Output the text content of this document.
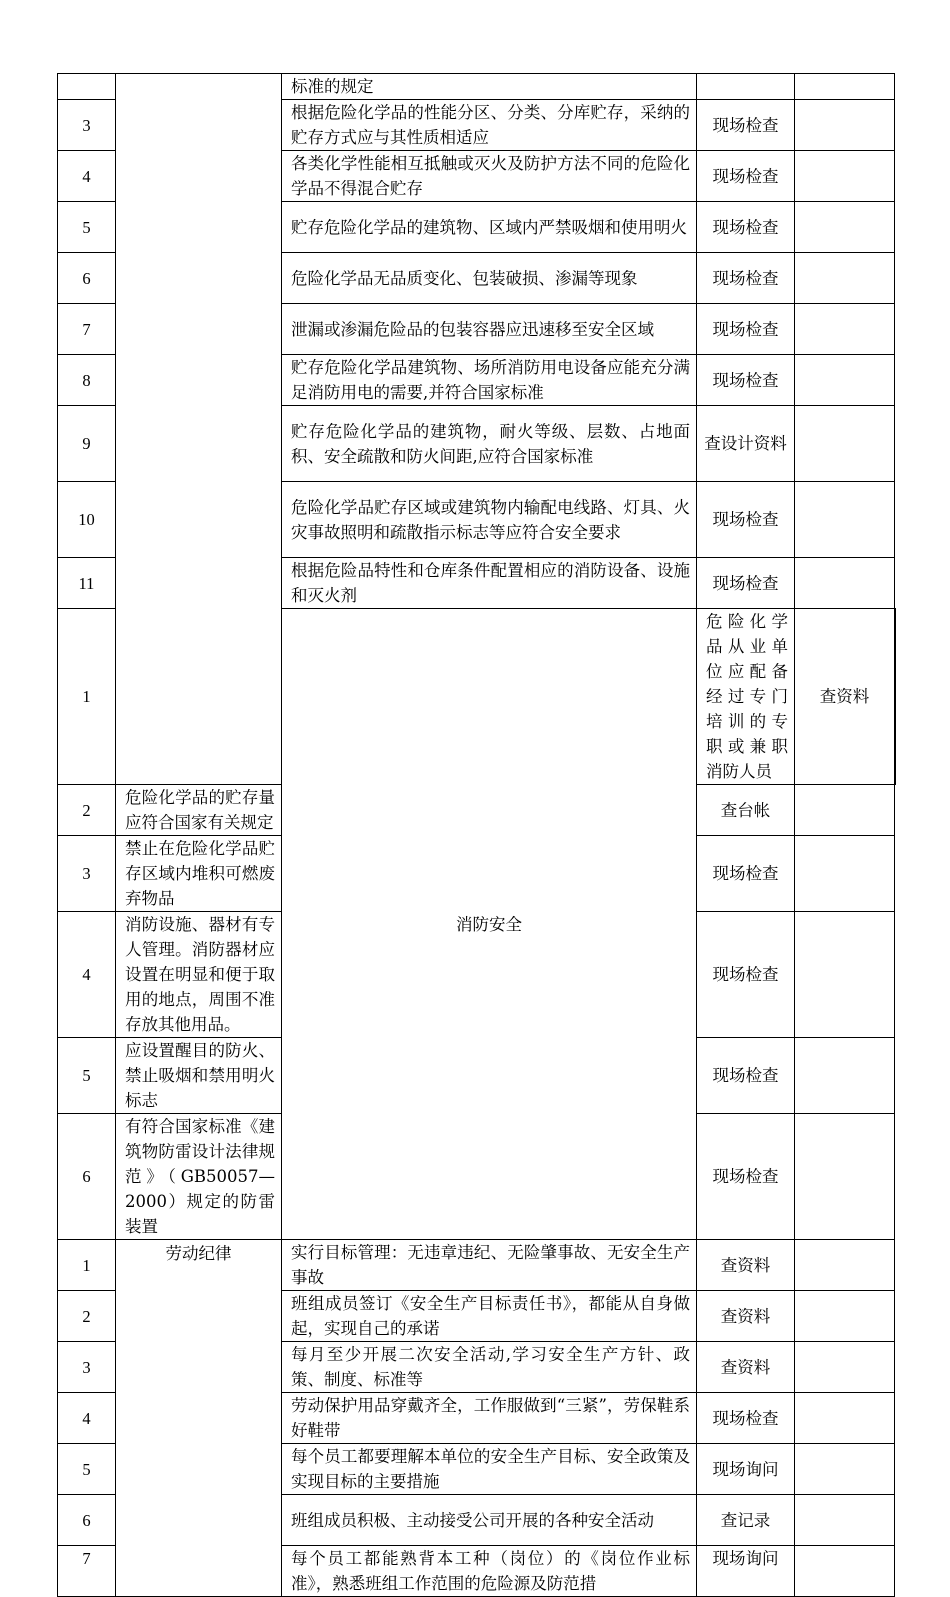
		标准的规定			
3		根据危险化学品的性能分区、分类、分库贮存，采纳的贮存方式应与其性质相适应	现场检查		
4		各类化学性能相互抵触或灭火及防护方法不同的危险化学品不得混合贮存	现场检查		
5		贮存危险化学品的建筑物、区域内严禁吸烟和使用明火	现场检查		
6		危险化学品无品质变化、包装破损、渗漏等现象	现场检查		
7		泄漏或渗漏危险品的包装容器应迅速移至安全区域	现场检查		
8		贮存危险化学品建筑物、场所消防用电设备应能充分满足消防用电的需要,并符合国家标准	现场检查		
9		贮存危险化学品的建筑物，耐火等级、层数、占地面积、安全疏散和防火间距,应符合国家标准	查设计资料		
10		危险化学品贮存区域或建筑物内输配电线路、灯具、火灾事故照明和疏散指示标志等应符合安全要求	现场检查		
11		根据危险品特性和仓库条件配置相应的消防设备、设施和灭火剂	现场检查		
1		消防安全	危险化学品从业单位应配备经过专门培训的专职或兼职消防人员	查资料	
2	危险化学品的贮存量应符合国家有关规定		查台帐		
3	禁止在危险化学品贮存区域内堆积可燃废弃物品		现场检查		
4	消防设施、器材有专人管理。消防器材应设置在明显和便于取用的地点，周围不准存放其他用品。		现场检查		
5	应设置醒目的防火、禁止吸烟和禁用明火标志		现场检查		
6	有符合国家标准《建筑物防雷设计法律规范》（GB50057—2000）规定的防雷装置		现场检查		
1	劳动纪律	实行目标管理：无违章违纪、无险肇事故、无安全生产事故	查资料		
2		班组成员签订《安全生产目标责任书》，都能从自身做起，实现自己的承诺	查资料		
3		每月至少开展二次安全活动,学习安全生产方针、政策、制度、标准等	查资料		
4		劳动保护用品穿戴齐全，工作服做到“三紧”，劳保鞋系好鞋带	现场检查		
5		每个员工都要理解本单位的安全生产目标、安全政策及实现目标的主要措施	现场询问		
6		班组成员积极、主动接受公司开展的各种安全活动	查记录		
7		每个员工都能熟背本工种（岗位）的《岗位作业标准》，熟悉班组工作范围的危险源及防范措	现场询问		
